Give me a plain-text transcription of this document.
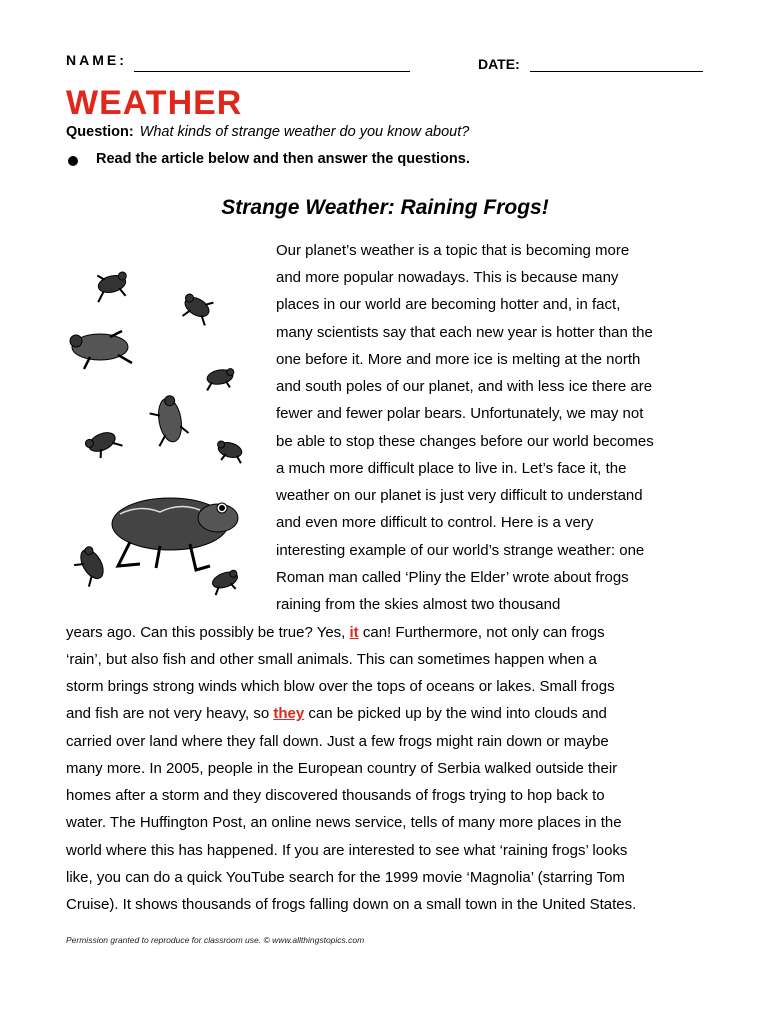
NAME:	DATE:
WEATHER
Question: What kinds of strange weather do you know about?
Read the article below and then answer the questions.
Strange Weather: Raining Frogs!
Our planet’s weather is a topic that is becoming more
and more popular nowadays. This is because many
places in our world are becoming hotter and, in fact,
many scientists say that each new year is hotter than the
one before it. More and more ice is melting at the north
and south poles of our planet, and with less ice there are
fewer and fewer polar bears. Unfortunately, we may not
be able to stop these changes before our world becomes
a much more difficult place to live in. Let’s face it, the
weather on our planet is just very difficult to understand
and even more difficult to control. Here is a very
interesting example of our world’s strange weather: one
Roman man called ‘Pliny the Elder’ wrote about frogs
raining from the skies almost two thousand
years ago. Can this possibly be true? Yes, it can! Furthermore, not only can frogs
‘rain’, but also fish and other small animals. This can sometimes happen when a
storm brings strong winds which blow over the tops of oceans or lakes. Small frogs
and fish are not very heavy, so they can be picked up by the wind into clouds and
carried over land where they fall down. Just a few frogs might rain down or maybe
many more. In 2005, people in the European country of Serbia walked outside their
homes after a storm and they discovered thousands of frogs trying to hop back to
water. The Huffington Post, an online news service, tells of many more places in the
world where this has happened. If you are interested to see what ‘raining frogs’ looks
like, you can do a quick YouTube search for the 1999 movie ‘Magnolia’ (starring Tom
Cruise). It shows thousands of frogs falling down on a small town in the United States.
Permission granted to reproduce for classroom use. © www.allthingstopics.com
